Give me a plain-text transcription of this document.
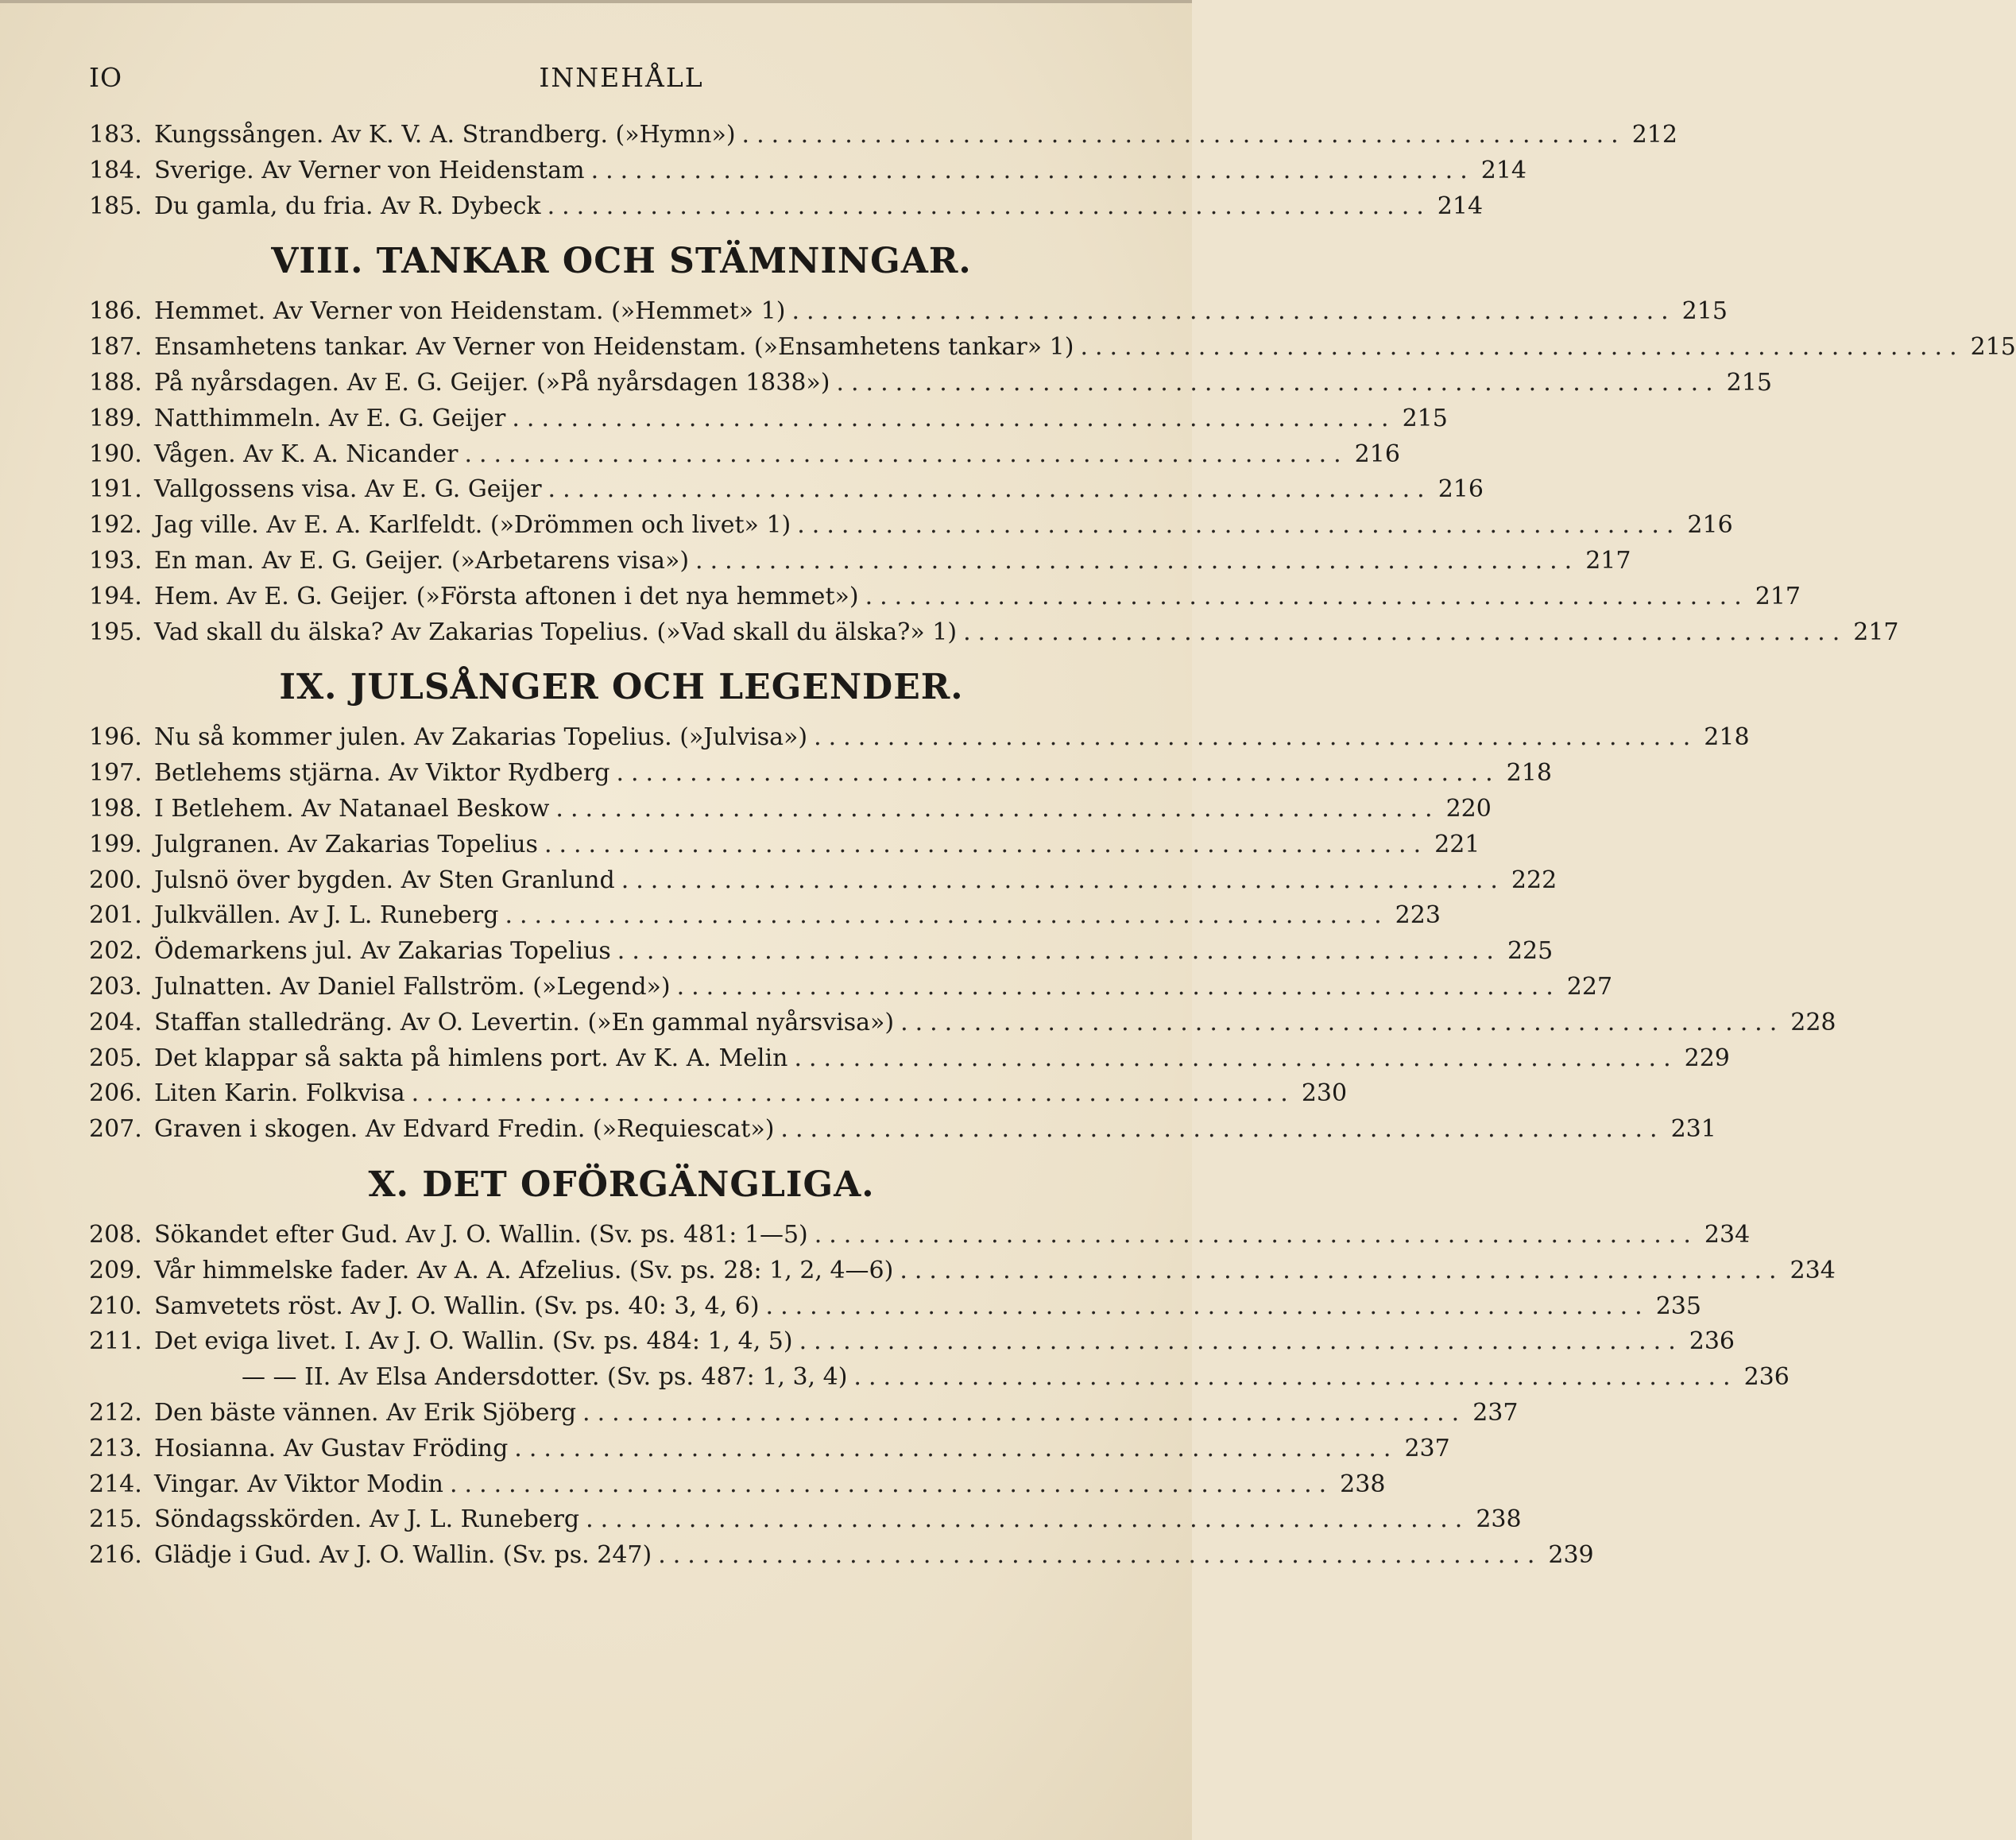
IO	INNEHÅLL
183. Kungssången. Av K. V. A. Strandberg. (»Hymn») ............................................................ 212
184. Sverige. Av Verner von Heidenstam ............................................................ 214
185. Du gamla, du fria. Av R. Dybeck ............................................................ 214
VIII. TANKAR OCH STÄMNINGAR.
186. Hemmet. Av Verner von Heidenstam. (»Hemmet» 1) ............................................................ 215
187. Ensamhetens tankar. Av Verner von Heidenstam. (»Ensamhetens tankar» 1) ............................................................ 215
188. På nyårsdagen. Av E. G. Geijer. (»På nyårsdagen 1838») ............................................................ 215
189. Natthimmeln. Av E. G. Geijer ............................................................ 215
190. Vågen. Av K. A. Nicander ............................................................ 216
191. Vallgossens visa. Av E. G. Geijer ............................................................ 216
192. Jag ville. Av E. A. Karlfeldt. (»Drömmen och livet» 1) ............................................................ 216
193. En man. Av E. G. Geijer. (»Arbetarens visa») ............................................................ 217
194. Hem. Av E. G. Geijer. (»Första aftonen i det nya hemmet») ............................................................ 217
195. Vad skall du älska? Av Zakarias Topelius. (»Vad skall du älska?» 1) ............................................................ 217
IX. JULSÅNGER OCH LEGENDER.
196. Nu så kommer julen. Av Zakarias Topelius. (»Julvisa») ............................................................ 218
197. Betlehems stjärna. Av Viktor Rydberg ............................................................ 218
198. I Betlehem. Av Natanael Beskow ............................................................ 220
199. Julgranen. Av Zakarias Topelius ............................................................ 221
200. Julsnö över bygden. Av Sten Granlund ............................................................ 222
201. Julkvällen. Av J. L. Runeberg ............................................................ 223
202. Ödemarkens jul. Av Zakarias Topelius ............................................................ 225
203. Julnatten. Av Daniel Fallström. (»Legend») ............................................................ 227
204. Staffan stalledräng. Av O. Levertin. (»En gammal nyårsvisa») ............................................................ 228
205. Det klappar så sakta på himlens port. Av K. A. Melin ............................................................ 229
206. Liten Karin. Folkvisa ............................................................ 230
207. Graven i skogen. Av Edvard Fredin. (»Requiescat») ............................................................ 231
X. DET OFÖRGÄNGLIGA.
208. Sökandet efter Gud. Av J. O. Wallin. (Sv. ps. 481: 1—5) ............................................................ 234
209. Vår himmelske fader. Av A. A. Afzelius. (Sv. ps. 28: 1, 2, 4—6) ............................................................ 234
210. Samvetets röst. Av J. O. Wallin. (Sv. ps. 40: 3, 4, 6) ............................................................ 235
211. Det eviga livet. I. Av J. O. Wallin. (Sv. ps. 484: 1, 4, 5) ............................................................ 236
— — II. Av Elsa Andersdotter. (Sv. ps. 487: 1, 3, 4) ............................................................ 236
212. Den bäste vännen. Av Erik Sjöberg ............................................................ 237
213. Hosianna. Av Gustav Fröding ............................................................ 237
214. Vingar. Av Viktor Modin ............................................................ 238
215. Söndagsskörden. Av J. L. Runeberg ............................................................ 238
216. Glädje i Gud. Av J. O. Wallin. (Sv. ps. 247) ............................................................ 239
